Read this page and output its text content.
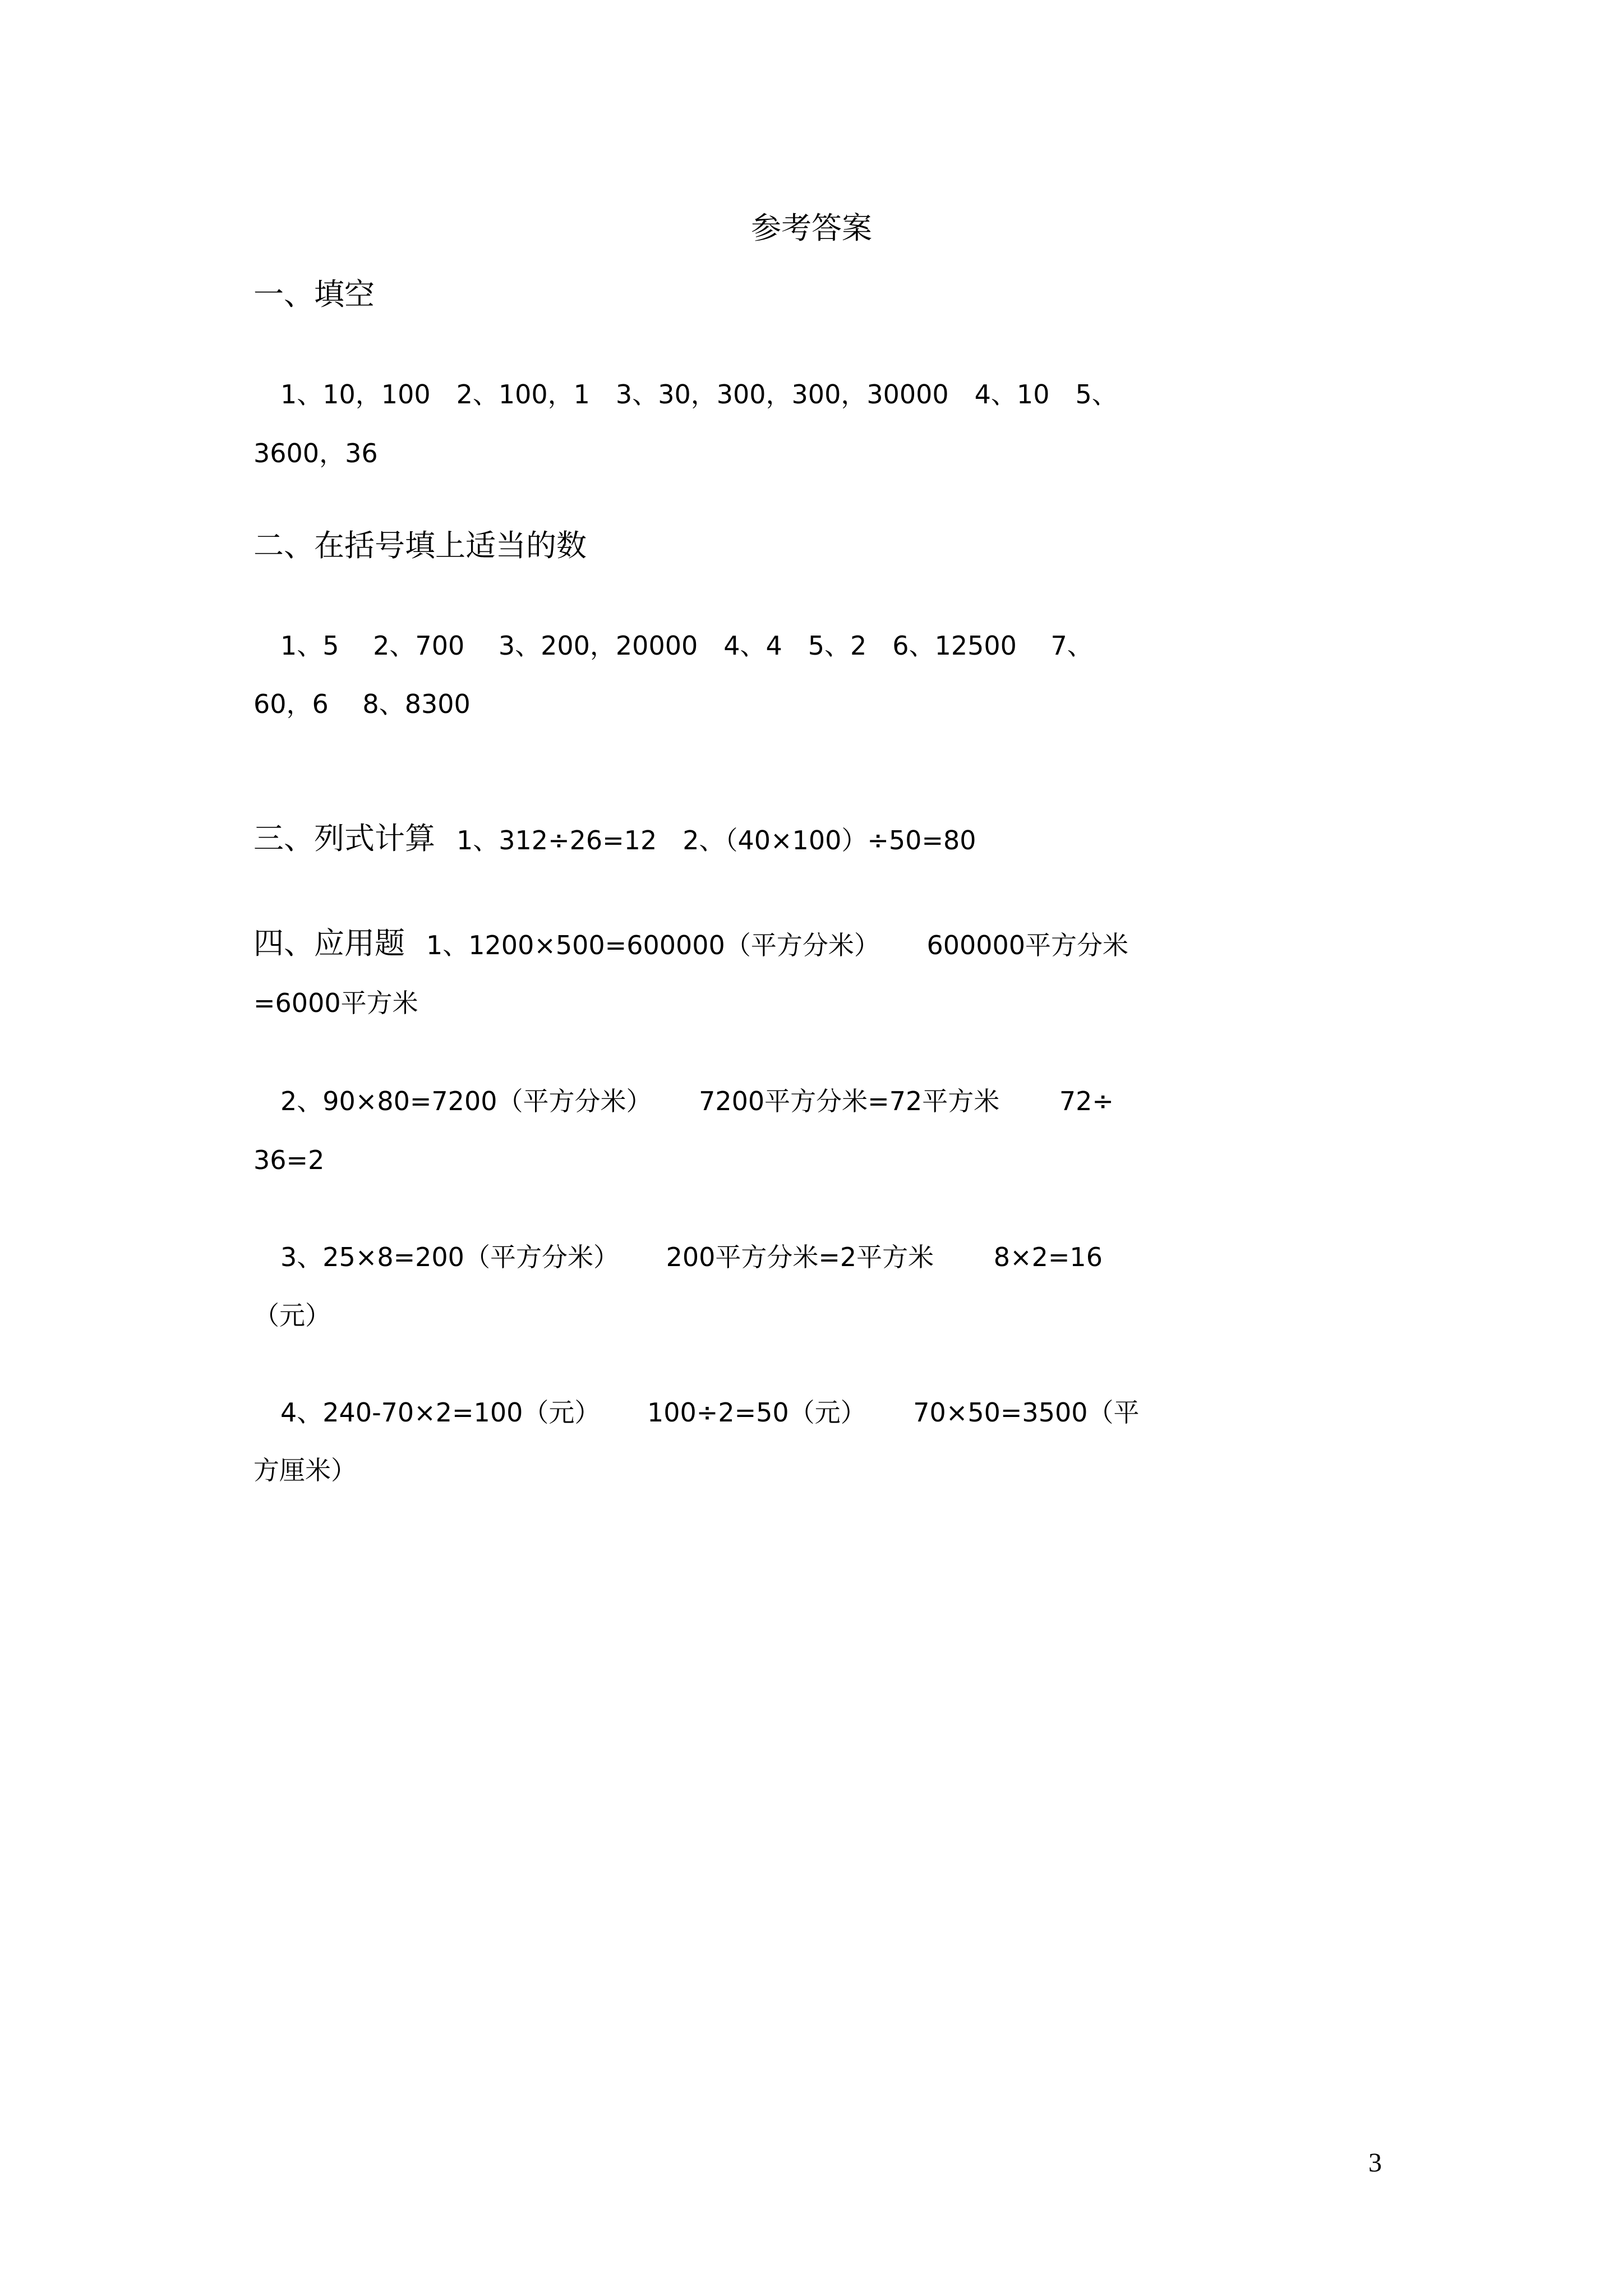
参考答案
一、填空
1、10，100　2、100，1　3、30，300，300，30000　4、10　5、
3600，36
二、在括号填上适当的数
1、5　 2、700　 3、200，20000　4、4　5、2　6、12500　 7、
60，6　 8、8300
三、列式计算 1、312÷26=12　2、（40×100）÷50=80
四、应用题 1、1200×500=600000（平方分米）　　 600000平方分米
=6000平方米
2、90×80=7200（平方分米）　　 7200平方分米=72平方米　　 72÷
36=2
3、25×8=200（平方分米）　　 200平方分米=2平方米　　 8×2=16
（元）
4、240-70×2=100（元）　　 100÷2=50（元）　　 70×50=3500（平
方厘米）
3
